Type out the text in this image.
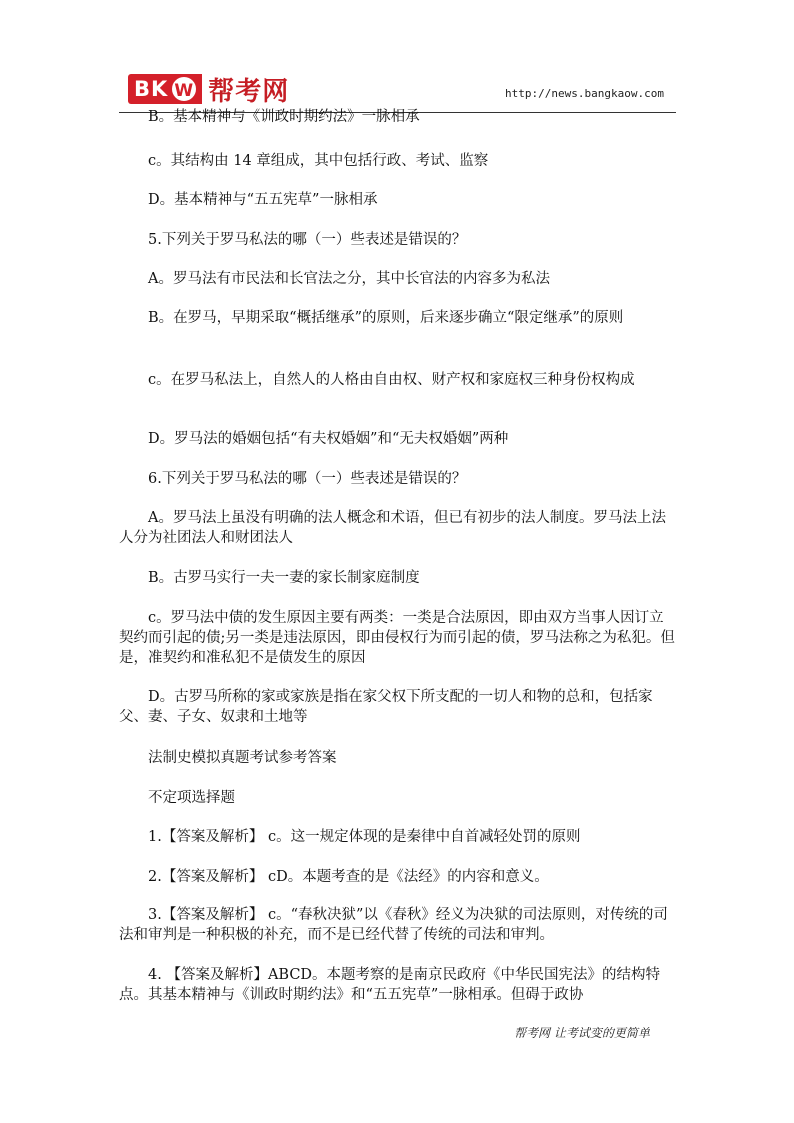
BK W 帮考网	http://news.bangkaow.com

B。基本精神与《训政时期约法》一脉相承

c。其结构由 14 章组成，其中包括行政、考试、监察

D。基本精神与“五五宪草”一脉相承

5.下列关于罗马私法的哪（一）些表述是错误的？

A。罗马法有市民法和长官法之分，其中长官法的内容多为私法

B。在罗马，早期采取“概括继承”的原则，后来逐步确立“限定继承”的原则

c。在罗马私法上，自然人的人格由自由权、财产权和家庭权三种身份权构成

D。罗马法的婚姻包括“有夫权婚姻”和“无夫权婚姻”两种

6.下列关于罗马私法的哪（一）些表述是错误的？

A。罗马法上虽没有明确的法人概念和术语，但已有初步的法人制度。罗马法上法人分为社团法人和财团法人

B。古罗马实行一夫一妻的家长制家庭制度

c。罗马法中债的发生原因主要有两类：一类是合法原因，即由双方当事人因订立契约而引起的债;另一类是违法原因，即由侵权行为而引起的债，罗马法称之为私犯。但是，准契约和准私犯不是债发生的原因

D。古罗马所称的家或家族是指在家父权下所支配的一切人和物的总和，包括家父、妻、子女、奴隶和土地等

法制史模拟真题考试参考答案

不定项选择题

1.【答案及解析】 c。这一规定体现的是秦律中自首减轻处罚的原则

2.【答案及解析】 cD。本题考查的是《法经》的内容和意义。

3.【答案及解析】 c。“春秋决狱”以《春秋》经义为决狱的司法原则，对传统的司法和审判是一种积极的补充，而不是已经代替了传统的司法和审判。

4. 【答案及解析】ABCD。本题考察的是南京民政府《中华民国宪法》的结构特点。其基本精神与《训政时期约法》和“五五宪草”一脉相承。但碍于政协

帮考网 让考试变的更简单
